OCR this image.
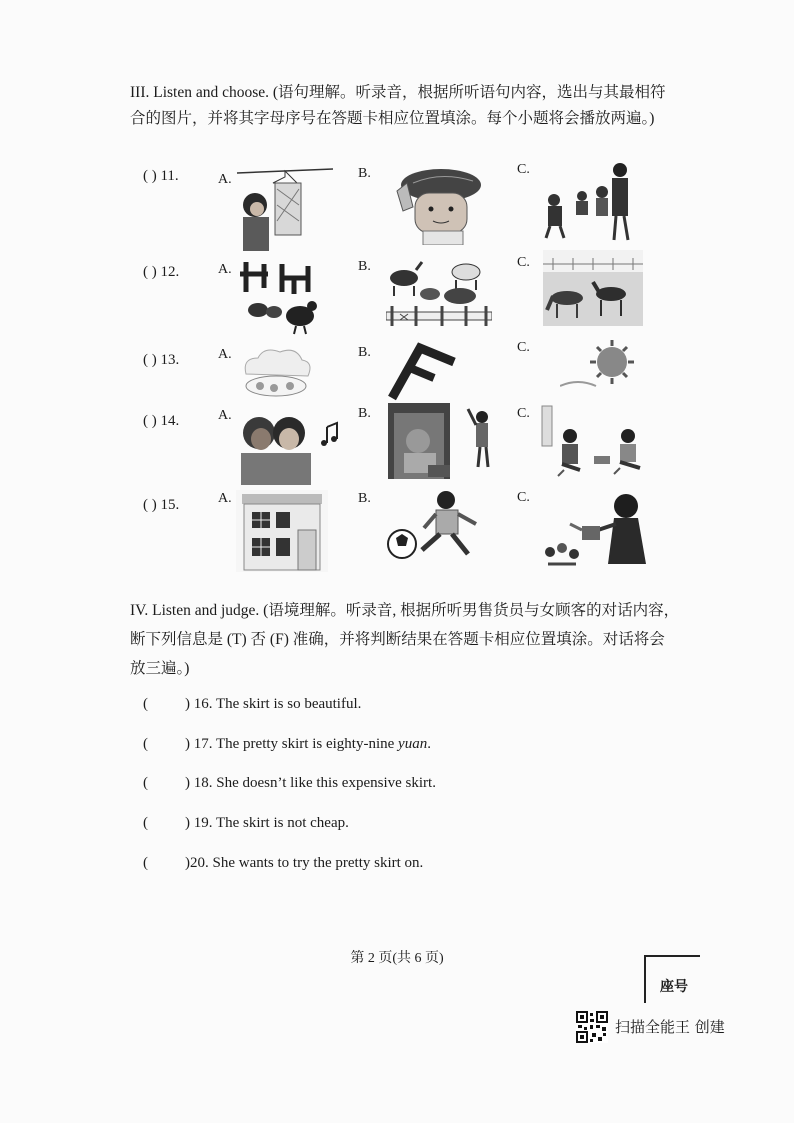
III. Listen and choose. (语句理解。听录音，根据所听语句内容，选出与其最相符
合的图片，并将其字母序号在答题卡相应位置填涂。每个小题将会播放两遍。)
( ) 11.	A.	B.	C.
( ) 12.	A.	B.	C.
( ) 13.	A.	B.	C.
( ) 14.	A.	B.	C.
( ) 15.	A.	B.	C.
IV. Listen and judge. (语境理解。听录音, 根据所听男售货员与女顾客的对话内容，
断下列信息是 (T) 否 (F) 准确，并将判断结果在答题卡相应位置填涂。对话将会
放三遍。)
( ) 16. The skirt is so beautiful.
( ) 17. The pretty skirt is eighty-nine yuan.
( ) 18. She doesn’t like this expensive skirt.
( ) 19. The skirt is not cheap.
( )20. She wants to try the pretty skirt on.
第 2 页(共 6 页)
座号
扫描全能王 创建
